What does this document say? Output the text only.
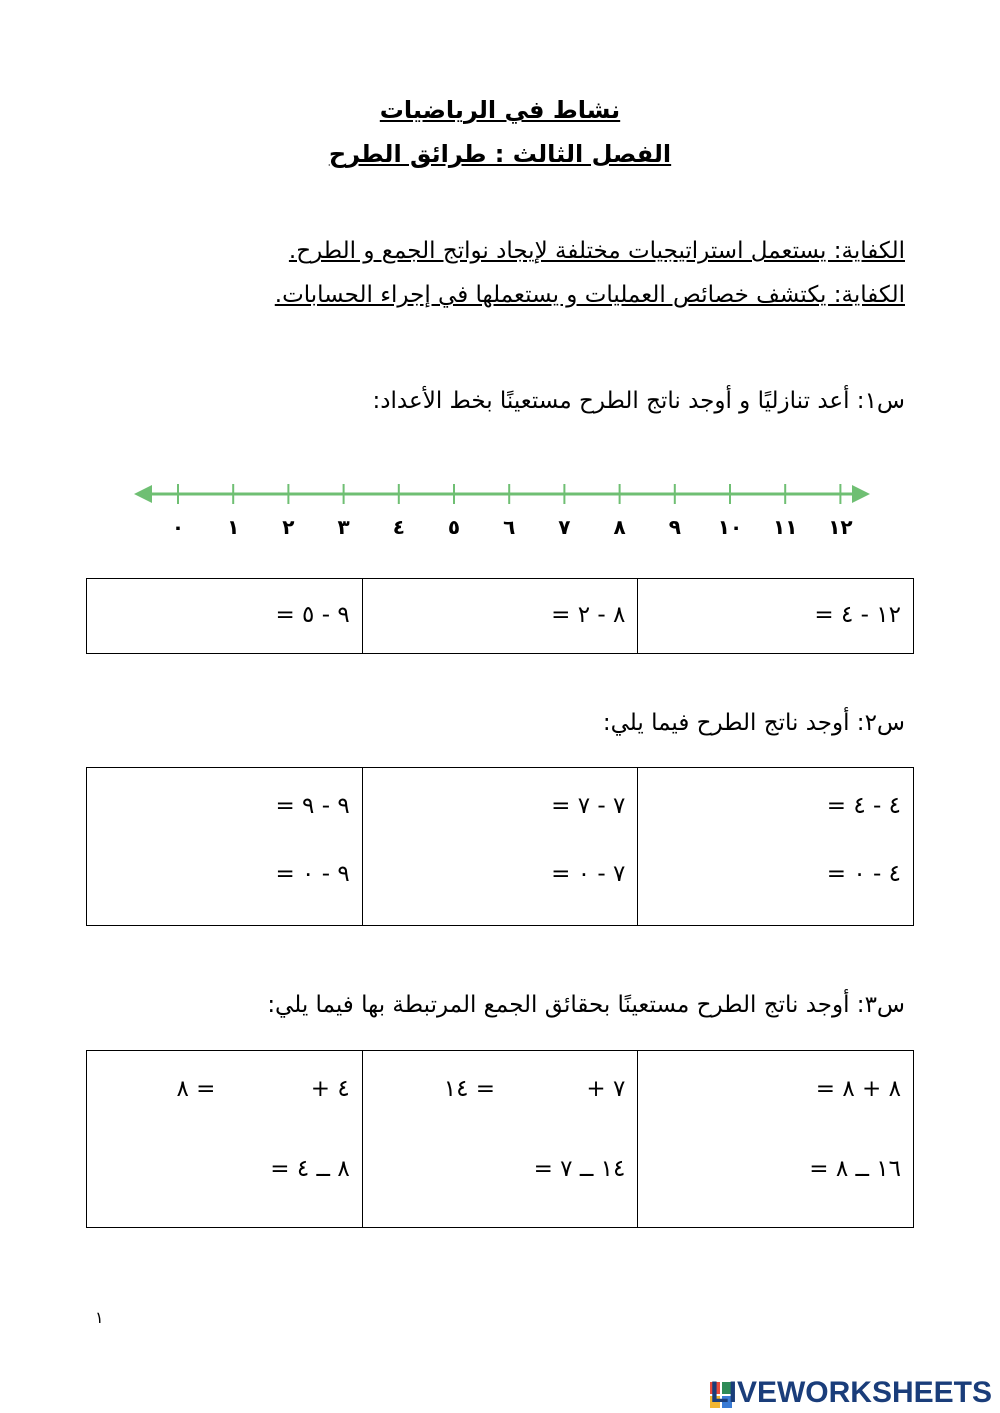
نشاط في الرياضيات
الفصل الثالث : طرائق الطرح
الكفاية: يستعمل استراتيجيات مختلفة لإيجاد نواتج الجمع و الطرح.
الكفاية: يكتشف خصائص العمليات و يستعملها في إجراء الحسابات.
س١: أعد تنازليًا و أوجد ناتج الطرح مستعينًا بخط الأعداد:
٠ ١ ٢ ٣ ٤ ٥ ٦ ٧ ٨ ٩ ١٠ ١١ ١٢
١٢ - ٤ =

٨ - ٢ =

٩ - ٥ =
س٢: أوجد ناتج الطرح فيما يلي:
٤ - ٤ =
٤ - ٠ =

٧ - ٧ =
٧ - ٠ =

٩ - ٩ =
٩ - ٠ =
س٣: أوجد ناتج الطرح مستعينًا بحقائق الجمع المرتبطة بها فيما يلي:
٨ + ٨ =
١٦ ــ ٨ =

٧ + = ١٤
١٤ ــ ٧ =

٤ + = ٨
٨ ــ ٤ =
١
LIVEWORKSHEETS
